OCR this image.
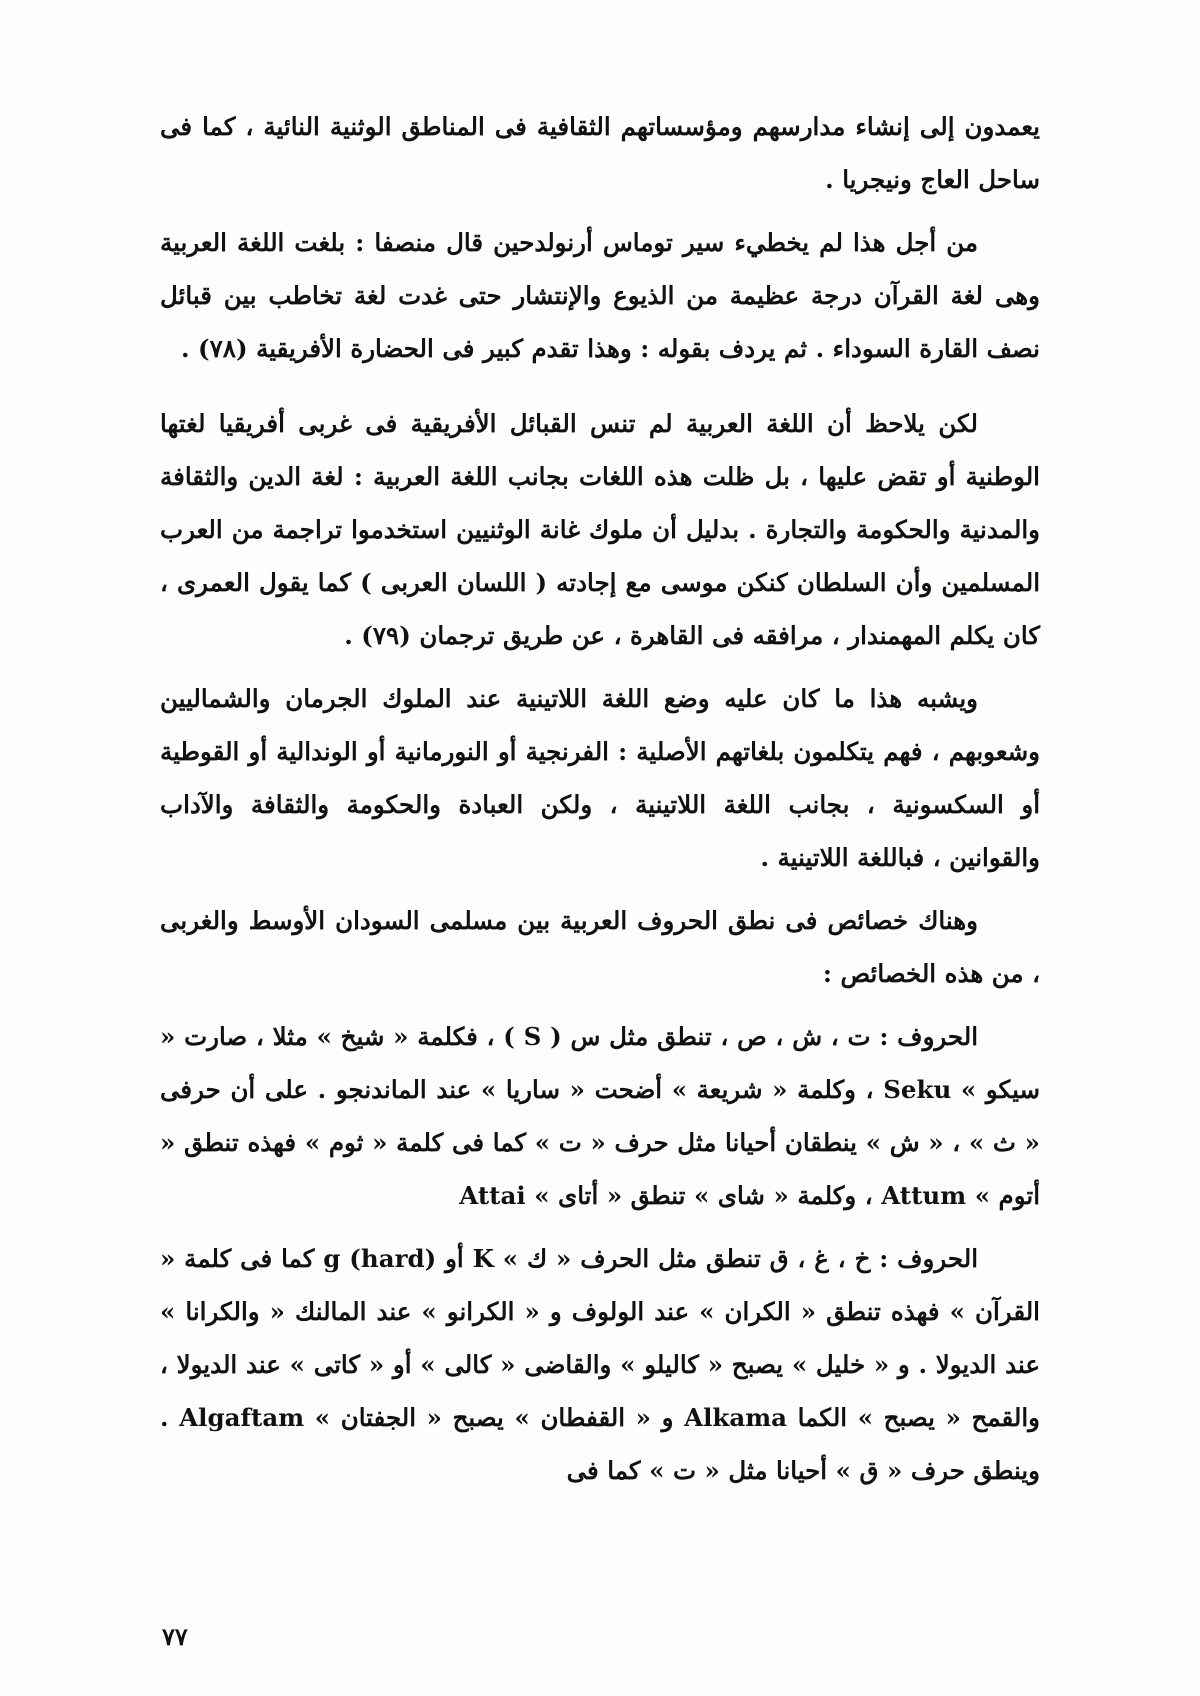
يعمدون إلى إنشاء مدارسهم ومؤسساتهم الثقافية فى المناطق الوثنية النائية ، كما فى ساحل العاج ونيجريا .

من أجل هذا لم يخطيء سير توماس أرنولدحين قال منصفا : بلغت اللغة العربية وهى لغة القرآن درجة عظيمة من الذيوع والإنتشار حتى غدت لغة تخاطب بين قبائل نصف القارة السوداء . ثم يردف بقوله : وهذا تقدم كبير فى الحضارة الأفريقية (٧٨) .

لكن يلاحظ أن اللغة العربية لم تنس القبائل الأفريقية فى غربى أفريقيا لغتها الوطنية أو تقض عليها ، بل ظلت هذه اللغات بجانب اللغة العربية : لغة الدين والثقافة والمدنية والحكومة والتجارة . بدليل أن ملوك غانة الوثنيين استخدموا تراجمة من العرب المسلمين وأن السلطان كنكن موسى مع إجادته ( اللسان العربى ) كما يقول العمرى ، كان يكلم المهمندار ، مرافقه فى القاهرة ، عن طريق ترجمان (٧٩) .

ويشبه هذا ما كان عليه وضع اللغة اللاتينية عند الملوك الجرمان والشماليين وشعوبهم ، فهم يتكلمون بلغاتهم الأصلية : الفرنجية أو النورمانية أو الوندالية أو القوطية أو السكسونية ، بجانب اللغة اللاتينية ، ولكن العبادة والحكومة والثقافة والآداب والقوانين ، فباللغة اللاتينية .

وهناك خصائص فى نطق الحروف العربية بين مسلمى السودان الأوسط والغربى ، من هذه الخصائص :

الحروف : ت ، ش ، ص ، تنطق مثل س ( S ) ، فكلمة « شيخ » مثلا ، صارت « سيكو » Seku ، وكلمة « شريعة » أضحت « ساريا » عند الماندنجو . على أن حرفى « ث » ، « ش » ينطقان أحيانا مثل حرف « ت » كما فى كلمة « ثوم » فهذه تنطق « أتوم » Attum ، وكلمة « شاى » تنطق « أتاى » Attai

الحروف : خ ، غ ، ق تنطق مثل الحرف « ك » K أو g (hard) كما فى كلمة « القرآن » فهذه تنطق « الكران » عند الولوف و « الكرانو » عند المالنك « والكرانا » عند الديولا . و « خليل » يصبح « كاليلو » والقاضى « كالى » أو « كاتى » عند الديولا ، والقمح « يصبح » الكما Alkama و « القفطان » يصبح « الجفتان » Algaftam . وينطق حرف « ق » أحيانا مثل « ت » كما فى

٧٧
